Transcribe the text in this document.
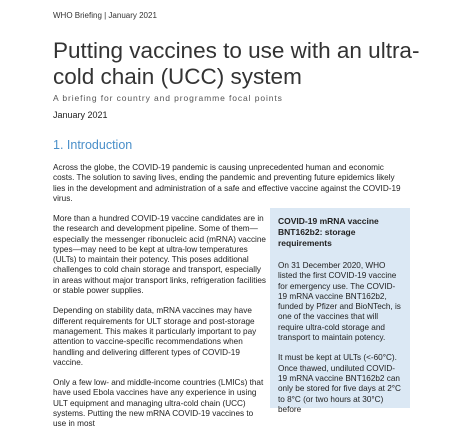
WHO Briefing | January 2021
Putting vaccines to use with an ultra-cold chain (UCC) system
A briefing for country and programme focal points
January 2021
1. Introduction

Across the globe, the COVID-19 pandemic is causing unprecedented human and economic costs. The solution to saving lives, ending the pandemic and preventing future epidemics likely lies in the development and administration of a safe and effective vaccine against the COVID-19 virus.

More than a hundred COVID-19 vaccine candidates are in the research and development pipeline. Some of them—especially the messenger ribonucleic acid (mRNA) vaccine types—may need to be kept at ultra-low temperatures (ULTs) to maintain their potency. This poses additional challenges to cold chain storage and transport, especially in areas without major transport links, refrigeration facilities or stable power supplies.

Depending on stability data, mRNA vaccines may have different requirements for ULT storage and post-storage management. This makes it particularly important to pay attention to vaccine-specific recommendations when handling and delivering different types of COVID-19 vaccine.

Only a few low- and middle-income countries (LMICs) that have used Ebola vaccines have any experience in using ULT equipment and managing ultra-cold chain (UCC) systems. Putting the new mRNA COVID-19 vaccines to use in most

COVID-19 mRNA vaccine BNT162b2: storage requirements

On 31 December 2020, WHO listed the first COVID-19 vaccine for emergency use. The COVID-19 mRNA vaccine BNT162b2, funded by Pfizer and BioNTech, is one of the vaccines that will require ultra-cold storage and transport to maintain potency.

It must be kept at ULTs (<-60°C). Once thawed, undiluted COVID-19 mRNA vaccine BNT162b2 can only be stored for five days at 2°C to 8°C (or two hours at 30°C) before
